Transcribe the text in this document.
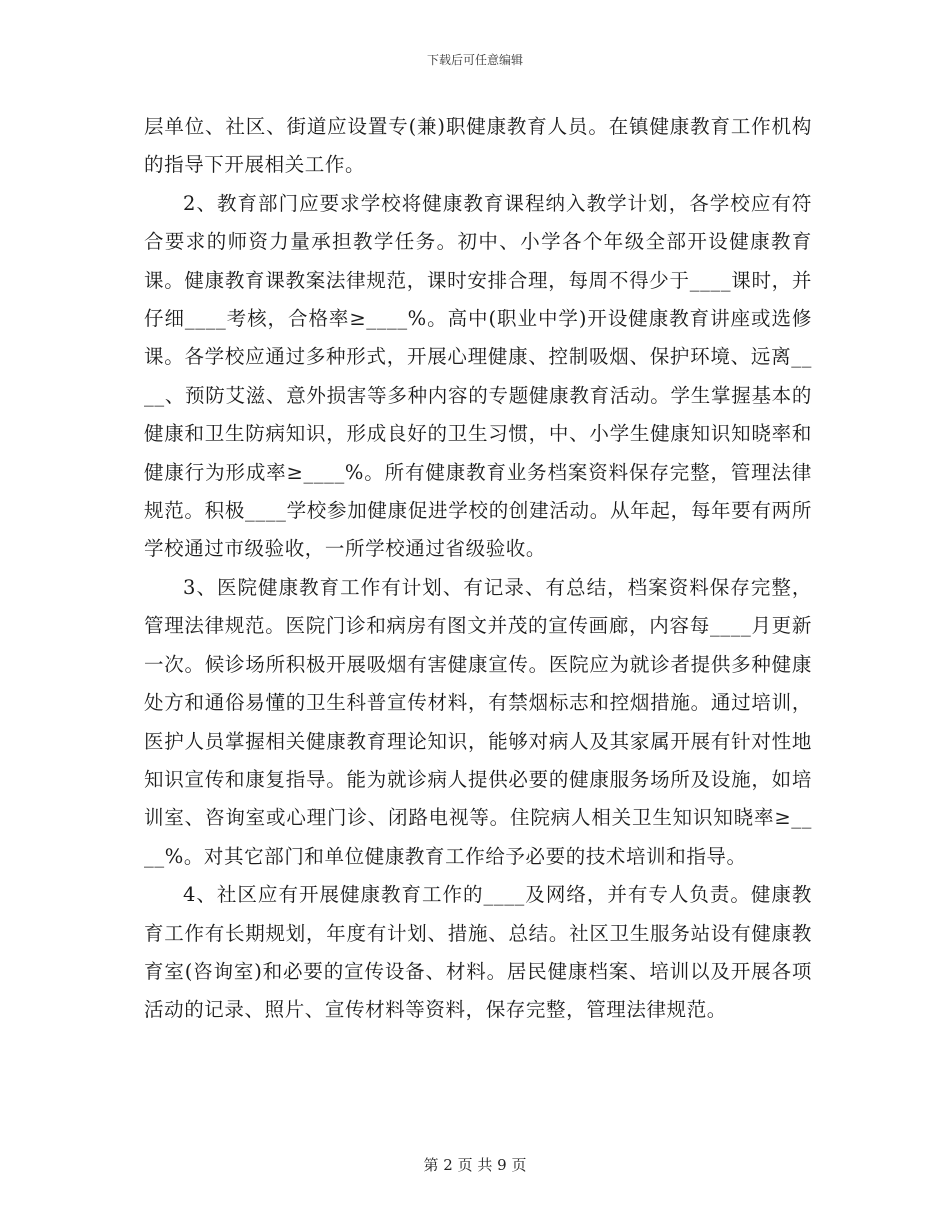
下载后可任意编辑

层单位、社区、街道应设置专(兼)职健康教育人员。在镇健康教育工作机构的指导下开展相关工作。

2、教育部门应要求学校将健康教育课程纳入教学计划，各学校应有符合要求的师资力量承担教学任务。初中、小学各个年级全部开设健康教育课。健康教育课教案法律规范，课时安排合理，每周不得少于____课时，并仔细____考核，合格率≥____%。高中(职业中学)开设健康教育讲座或选修课。各学校应通过多种形式，开展心理健康、控制吸烟、保护环境、远离____、预防艾滋、意外损害等多种内容的专题健康教育活动。学生掌握基本的健康和卫生防病知识，形成良好的卫生习惯，中、小学生健康知识知晓率和健康行为形成率≥____%。所有健康教育业务档案资料保存完整，管理法律规范。积极____学校参加健康促进学校的创建活动。从年起，每年要有两所学校通过市级验收，一所学校通过省级验收。

3、医院健康教育工作有计划、有记录、有总结，档案资料保存完整，管理法律规范。医院门诊和病房有图文并茂的宣传画廊，内容每____月更新一次。候诊场所积极开展吸烟有害健康宣传。医院应为就诊者提供多种健康处方和通俗易懂的卫生科普宣传材料，有禁烟标志和控烟措施。通过培训，医护人员掌握相关健康教育理论知识，能够对病人及其家属开展有针对性地知识宣传和康复指导。能为就诊病人提供必要的健康服务场所及设施，如培训室、咨询室或心理门诊、闭路电视等。住院病人相关卫生知识知晓率≥____%。对其它部门和单位健康教育工作给予必要的技术培训和指导。

4、社区应有开展健康教育工作的____及网络，并有专人负责。健康教育工作有长期规划，年度有计划、措施、总结。社区卫生服务站设有健康教育室(咨询室)和必要的宣传设备、材料。居民健康档案、培训以及开展各项活动的记录、照片、宣传材料等资料，保存完整，管理法律规范。

第 2 页 共 9 页
